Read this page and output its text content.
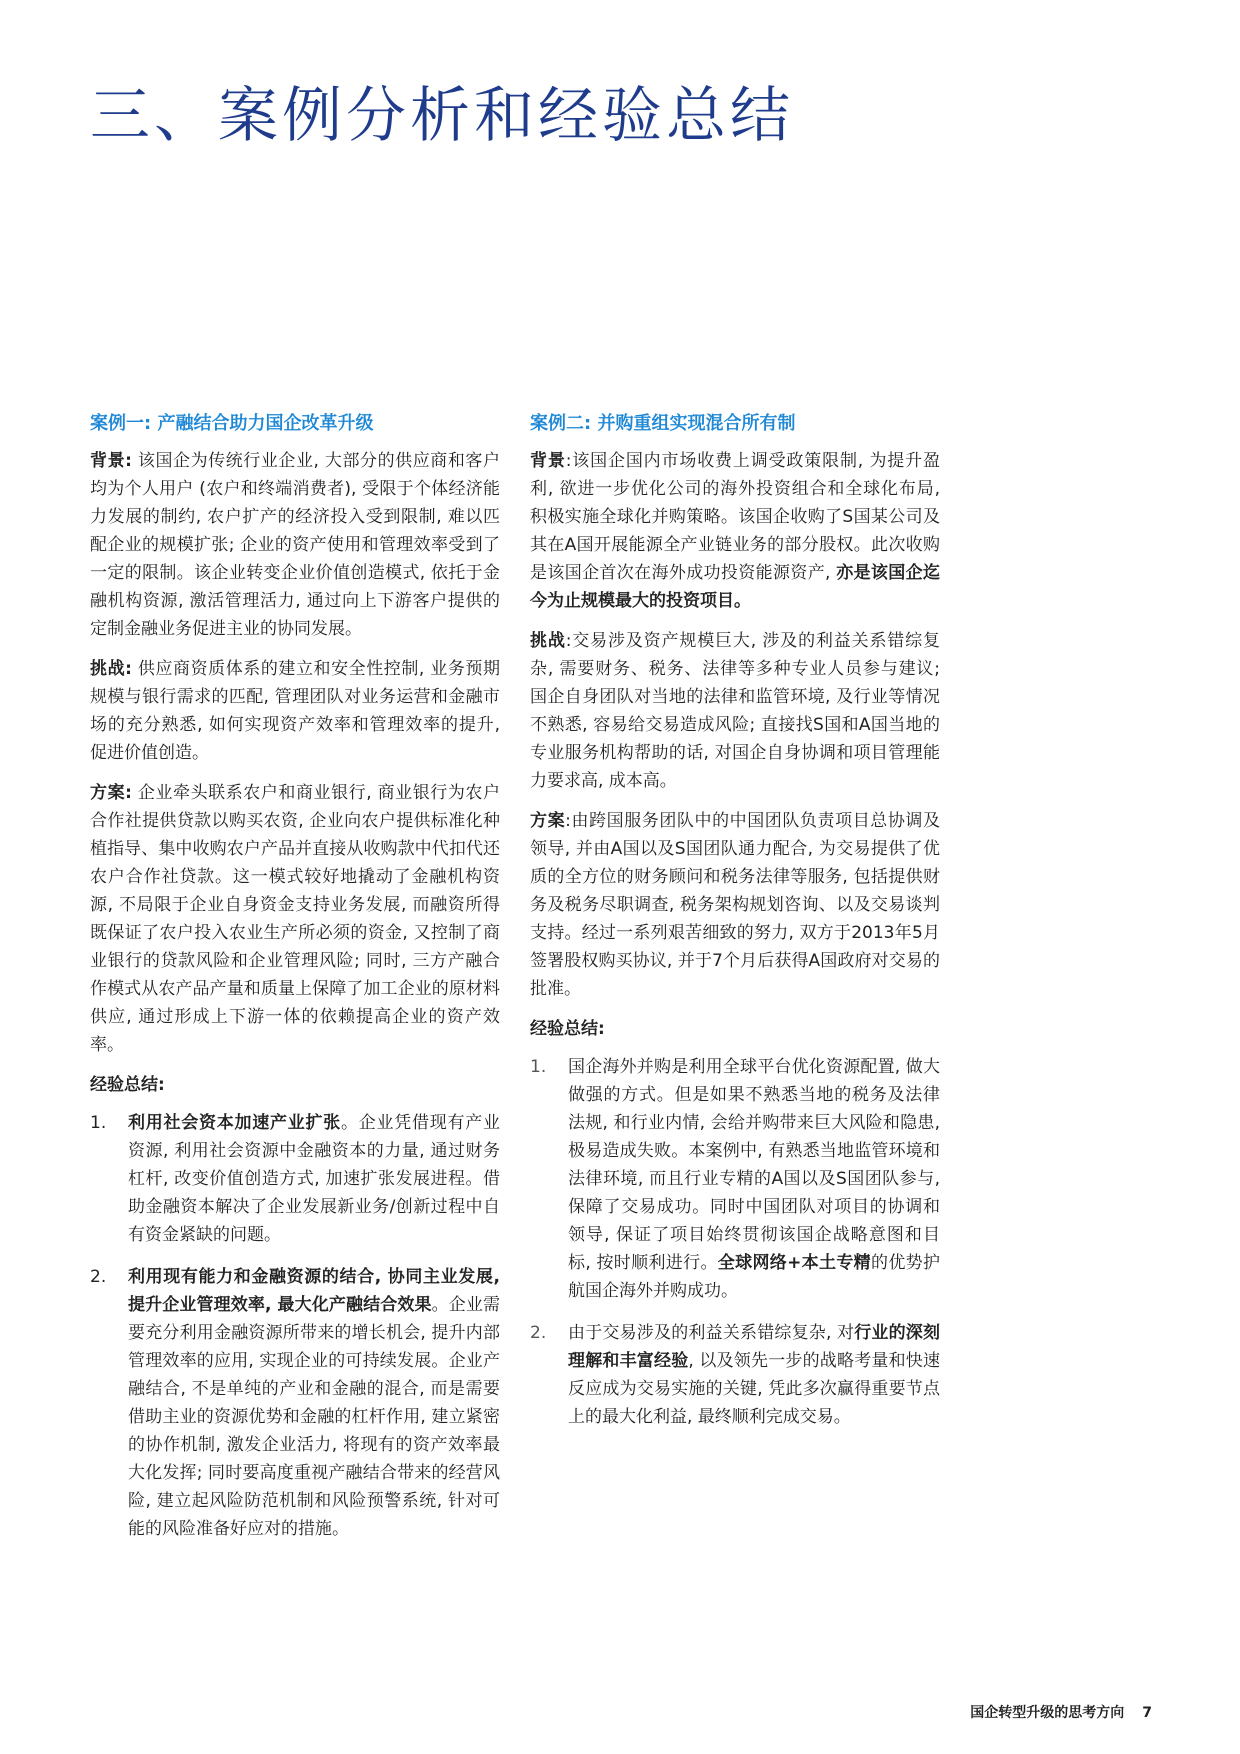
三、案例分析和经验总结
案例一: 产融结合助力国企改革升级

背景: 该国企为传统行业企业, 大部分的供应商和客户均为个人用户 (农户和终端消费者), 受限于个体经济能力发展的制约, 农户扩产的经济投入受到限制, 难以匹配企业的规模扩张; 企业的资产使用和管理效率受到了一定的限制。该企业转变企业价值创造模式, 依托于金融机构资源, 激活管理活力, 通过向上下游客户提供的定制金融业务促进主业的协同发展。

挑战: 供应商资质体系的建立和安全性控制, 业务预期规模与银行需求的匹配, 管理团队对业务运营和金融市场的充分熟悉, 如何实现资产效率和管理效率的提升, 促进价值创造。

方案: 企业牵头联系农户和商业银行, 商业银行为农户合作社提供贷款以购买农资, 企业向农户提供标准化种植指导、集中收购农户产品并直接从收购款中代扣代还农户合作社贷款。这一模式较好地撬动了金融机构资源, 不局限于企业自身资金支持业务发展, 而融资所得既保证了农户投入农业生产所必须的资金, 又控制了商业银行的贷款风险和企业管理风险; 同时, 三方产融合作模式从农产品产量和质量上保障了加工企业的原材料供应, 通过形成上下游一体的依赖提高企业的资产效率。

经验总结:
1. 利用社会资本加速产业扩张。企业凭借现有产业资源, 利用社会资源中金融资本的力量, 通过财务杠杆, 改变价值创造方式, 加速扩张发展进程。借助金融资本解决了企业发展新业务/创新过程中自有资金紧缺的问题。
2. 利用现有能力和金融资源的结合, 协同主业发展, 提升企业管理效率, 最大化产融结合效果。企业需要充分利用金融资源所带来的增长机会, 提升内部管理效率的应用, 实现企业的可持续发展。企业产融结合, 不是单纯的产业和金融的混合, 而是需要借助主业的资源优势和金融的杠杆作用, 建立紧密的协作机制, 激发企业活力, 将现有的资产效率最大化发挥; 同时要高度重视产融结合带来的经营风险, 建立起风险防范机制和风险预警系统, 针对可能的风险准备好应对的措施。
案例二: 并购重组实现混合所有制

背景:该国企国内市场收费上调受政策限制, 为提升盈利, 欲进一步优化公司的海外投资组合和全球化布局, 积极实施全球化并购策略。该国企收购了S国某公司及其在A国开展能源全产业链业务的部分股权。此次收购是该国企首次在海外成功投资能源资产, 亦是该国企迄今为止规模最大的投资项目。

挑战:交易涉及资产规模巨大, 涉及的利益关系错综复杂, 需要财务、税务、法律等多种专业人员参与建议; 国企自身团队对当地的法律和监管环境, 及行业等情况不熟悉, 容易给交易造成风险; 直接找S国和A国当地的专业服务机构帮助的话, 对国企自身协调和项目管理能力要求高, 成本高。

方案:由跨国服务团队中的中国团队负责项目总协调及领导, 并由A国以及S国团队通力配合, 为交易提供了优质的全方位的财务顾问和税务法律等服务, 包括提供财务及税务尽职调查, 税务架构规划咨询、以及交易谈判支持。经过一系列艰苦细致的努力, 双方于2013年5月签署股权购买协议, 并于7个月后获得A国政府对交易的批准。

经验总结:
1. 国企海外并购是利用全球平台优化资源配置, 做大做强的方式。但是如果不熟悉当地的税务及法律法规, 和行业内情, 会给并购带来巨大风险和隐患, 极易造成失败。本案例中, 有熟悉当地监管环境和法律环境, 而且行业专精的A国以及S国团队参与, 保障了交易成功。同时中国团队对项目的协调和领导, 保证了项目始终贯彻该国企战略意图和目标, 按时顺利进行。全球网络+本土专精的优势护航国企海外并购成功。
2. 由于交易涉及的利益关系错综复杂, 对行业的深刻理解和丰富经验, 以及领先一步的战略考量和快速反应成为交易实施的关键, 凭此多次赢得重要节点上的最大化利益, 最终顺利完成交易。
国企转型升级的思考方向 7
